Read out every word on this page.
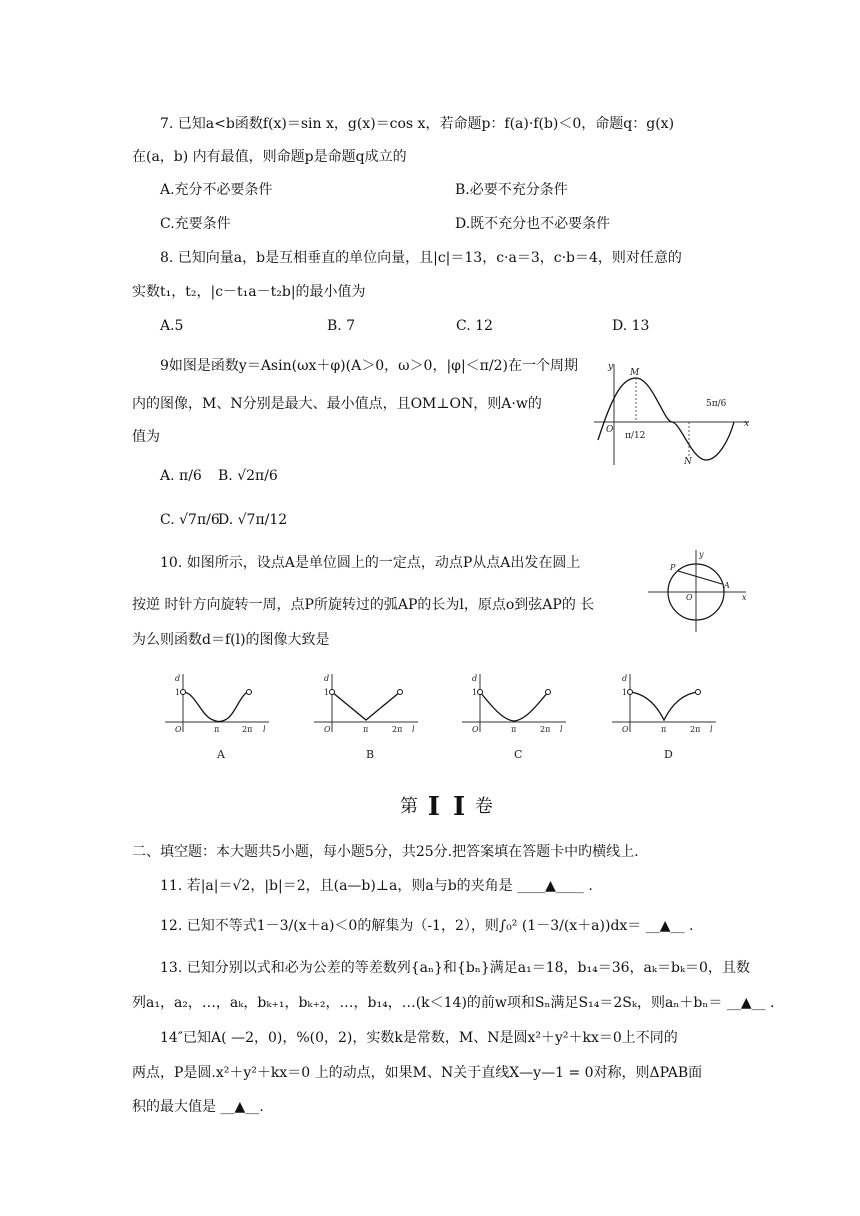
7. 已知a<b函数f(x)＝sin x，g(x)＝cos x，若命题p：f(a)·f(b)＜0，命题q：g(x)
在(a，b) 内有最值，则命题p是命题q成立的
A.充分不必要条件	B.必要不充分条件
C.充要条件	D.既不充分也不必要条件
8. 已知向量a，b是互相垂直的单位向量，且|c|＝13，c·a＝3，c·b＝4，则对任意的
实数t₁，t₂，|c－t₁a－t₂b|的最小值为
A.5	B. 7	C. 12	D. 13
9如图是函数y＝Asin(ωx＋φ)(A＞0，ω＞0，|φ|＜π/2)在一个周期
内的图像，M、N分别是最大、最小值点，且OM⊥ON，则A·w的
值为
A. π/6 B. √2π/6
C. √7π/6
D. √7π/12
y
x
O
M
N
π/12
5π/6
10. 如图所示，设点A是单位圆上的一定点，动点P从点A出发在圆上
按逆 时针方向旋转一周，点P所旋转过的弧AP的长为l，原点o到弦AP的 长
为么则函数d＝f(l)的图像大致是
y
x
O
P
A
d
1
O	π	2π l
A
d
1
O	π	2π l
B
d
1
O	π	2π l
C
d
1
O	π	2π l
D
第 I I 卷
二、填空题：本大题共5小题，每小题5分，共25分.把答案填在答题卡中旳横线上.
11. 若|a|＝√2，|b|＝2，且(a—b)⊥a，则a与b的夹角是 ____▲____ .
12. 已知不等式1－3/(x＋a)＜0的解集为（-1，2），则∫₀² (1－3/(x＋a))dx＝ __▲__ .
13. 已知分别以式和必为公差的等差数列{aₙ}和{bₙ}满足a₁＝18，b₁₄＝36，aₖ＝bₖ＝0，且数
列a₁，a₂，…，aₖ，bₖ₊₁，bₖ₊₂，…，b₁₄，…(k＜14)的前w项和Sₙ满足S₁₄＝2Sₖ，则aₙ＋bₙ＝ __▲__ .
14″已知A( —2，0)，%(0，2)，实数k是常数，M、N是圆x²＋y²＋kx＝0上不同的
两点，P是圆.x²＋y²＋kx＝0 上的动点，如果M、N关于直线X—y—1 = 0对称，则ΔPAB面
积的最大值是 __▲__.
